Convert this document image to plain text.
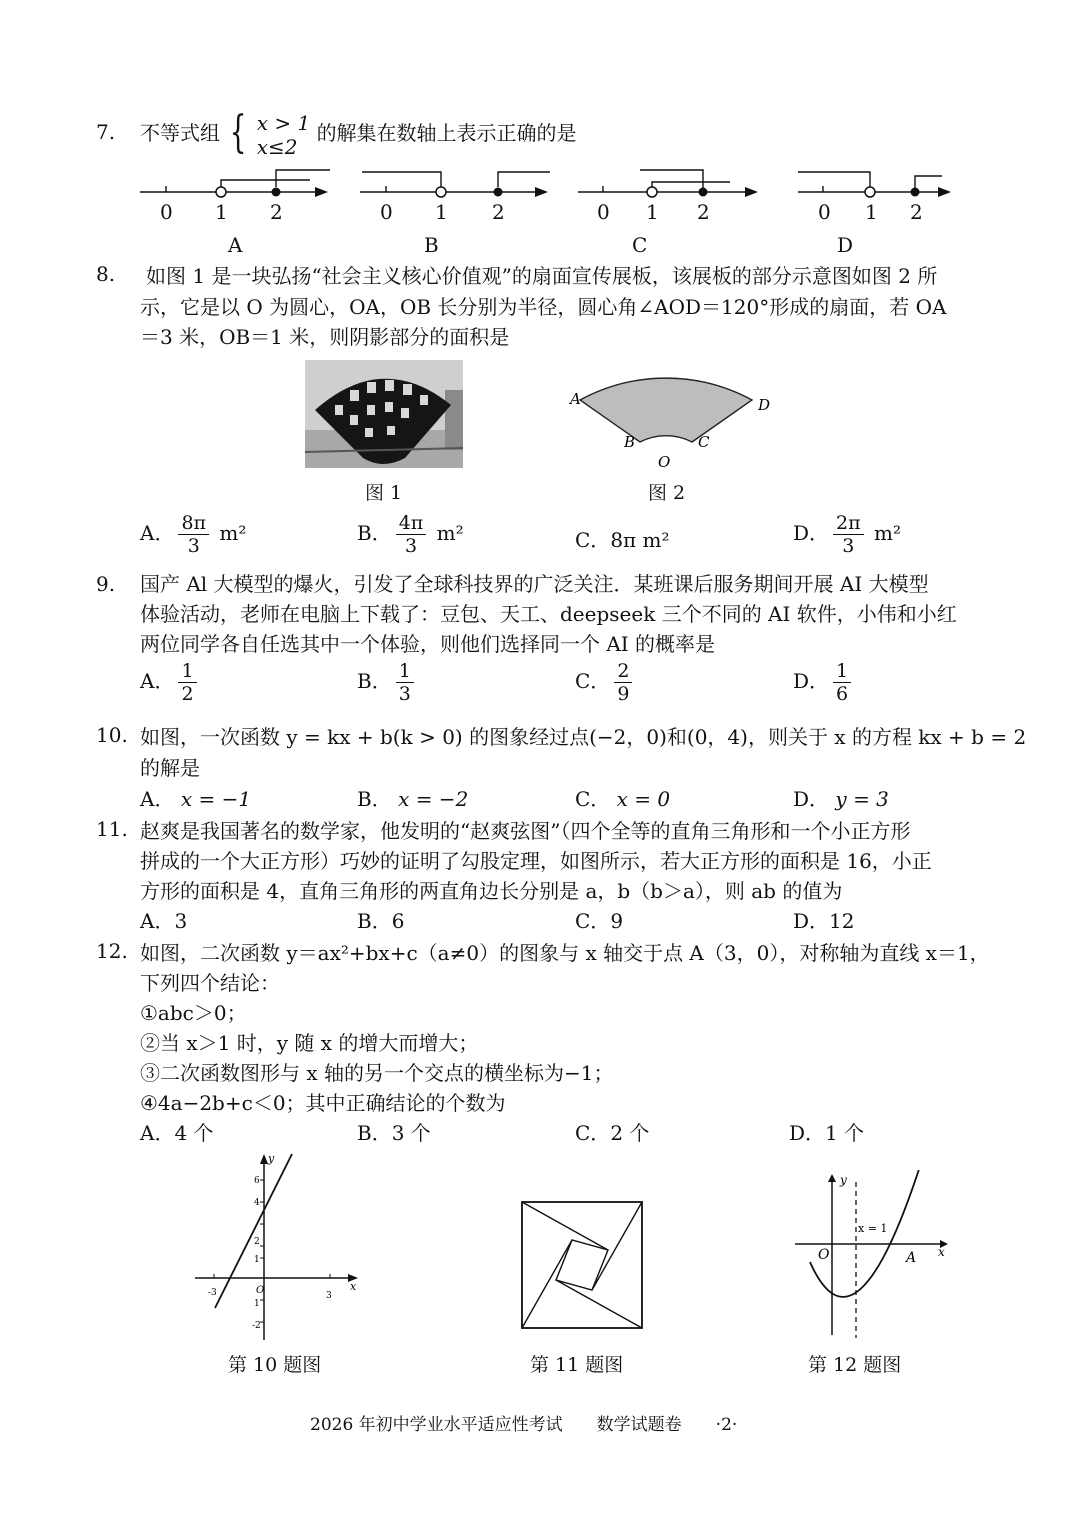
7. 不等式组 { x > 1
x≤2 的解集在数轴上表示正确的是
0 1 2	0 1 2	0 1 2	0 1 2
A	B	C	D
8. 如图 1 是一块弘扬“社会主义核心价值观”的扇面宣传展板，该展板的部分示意图如图 2 所
示，它是以 O 为圆心，OA，OB 长分别为半径，圆心角∠AOD＝120°形成的扇面，若 OA
＝3 米，OB＝1 米，则阴影部分的面积是
图 1
A	D
B	C
O
图 2
A． $\frac{8\pi}{3} m^2$	B． $\frac{4\pi}{3} m^2$	C．8π m²	D． $\frac{2\pi}{3} m^2$
9. 国产 Al 大模型的爆火，引发了全球科技界的广泛关注．某班课后服务期间开展 AI 大模型
体验活动，老师在电脑上下载了：豆包、天工、deepseek 三个不同的 AI 软件，小伟和小红
两位同学各自任选其中一个体验，则他们选择同一个 AI 的概率是
A． $\frac{1}{2}$	B． $\frac{1}{3}$	C． $\frac{2}{9}$	D． $\frac{1}{6}$
10. 如图，一次函数 y = kx + b(k > 0) 的图象经过点(−2，0)和(0，4)，则关于 x 的方程 kx + b = 2
的解是
A． x = −1	B． x = −2	C． x = 0	D． y = 3
11. 赵爽是我国著名的数学家，他发明的“赵爽弦图”（四个全等的直角三角形和一个小正方形
拼成的一个大正方形）巧妙的证明了勾股定理，如图所示，若大正方形的面积是 16，小正
方形的面积是 4，直角三角形的两直角边长分别是 a，b（b＞a），则 ab 的值为
A．3	B．6	C．9	D．12
12. 如图，二次函数 y＝ax²+bx+c（a≠0）的图象与 x 轴交于点 A（3，0），对称轴为直线 x＝1，
下列四个结论：
①abc＞0；
②当 x＞1 时，y 随 x 的增大而增大；
③二次函数图形与 x 轴的另一个交点的横坐标为−1；
④4a−2b+c＜0；其中正确结论的个数为
A．4 个	B．3 个	C．2 个	D．1 个
y
x
6
4
2
1
3
-3	O
1
-2
第 10 题图	第 11 题图
y
x
O	A
x = 1
第 12 题图
2026 年初中学业水平适应性考试　　数学试题卷　　·2·
